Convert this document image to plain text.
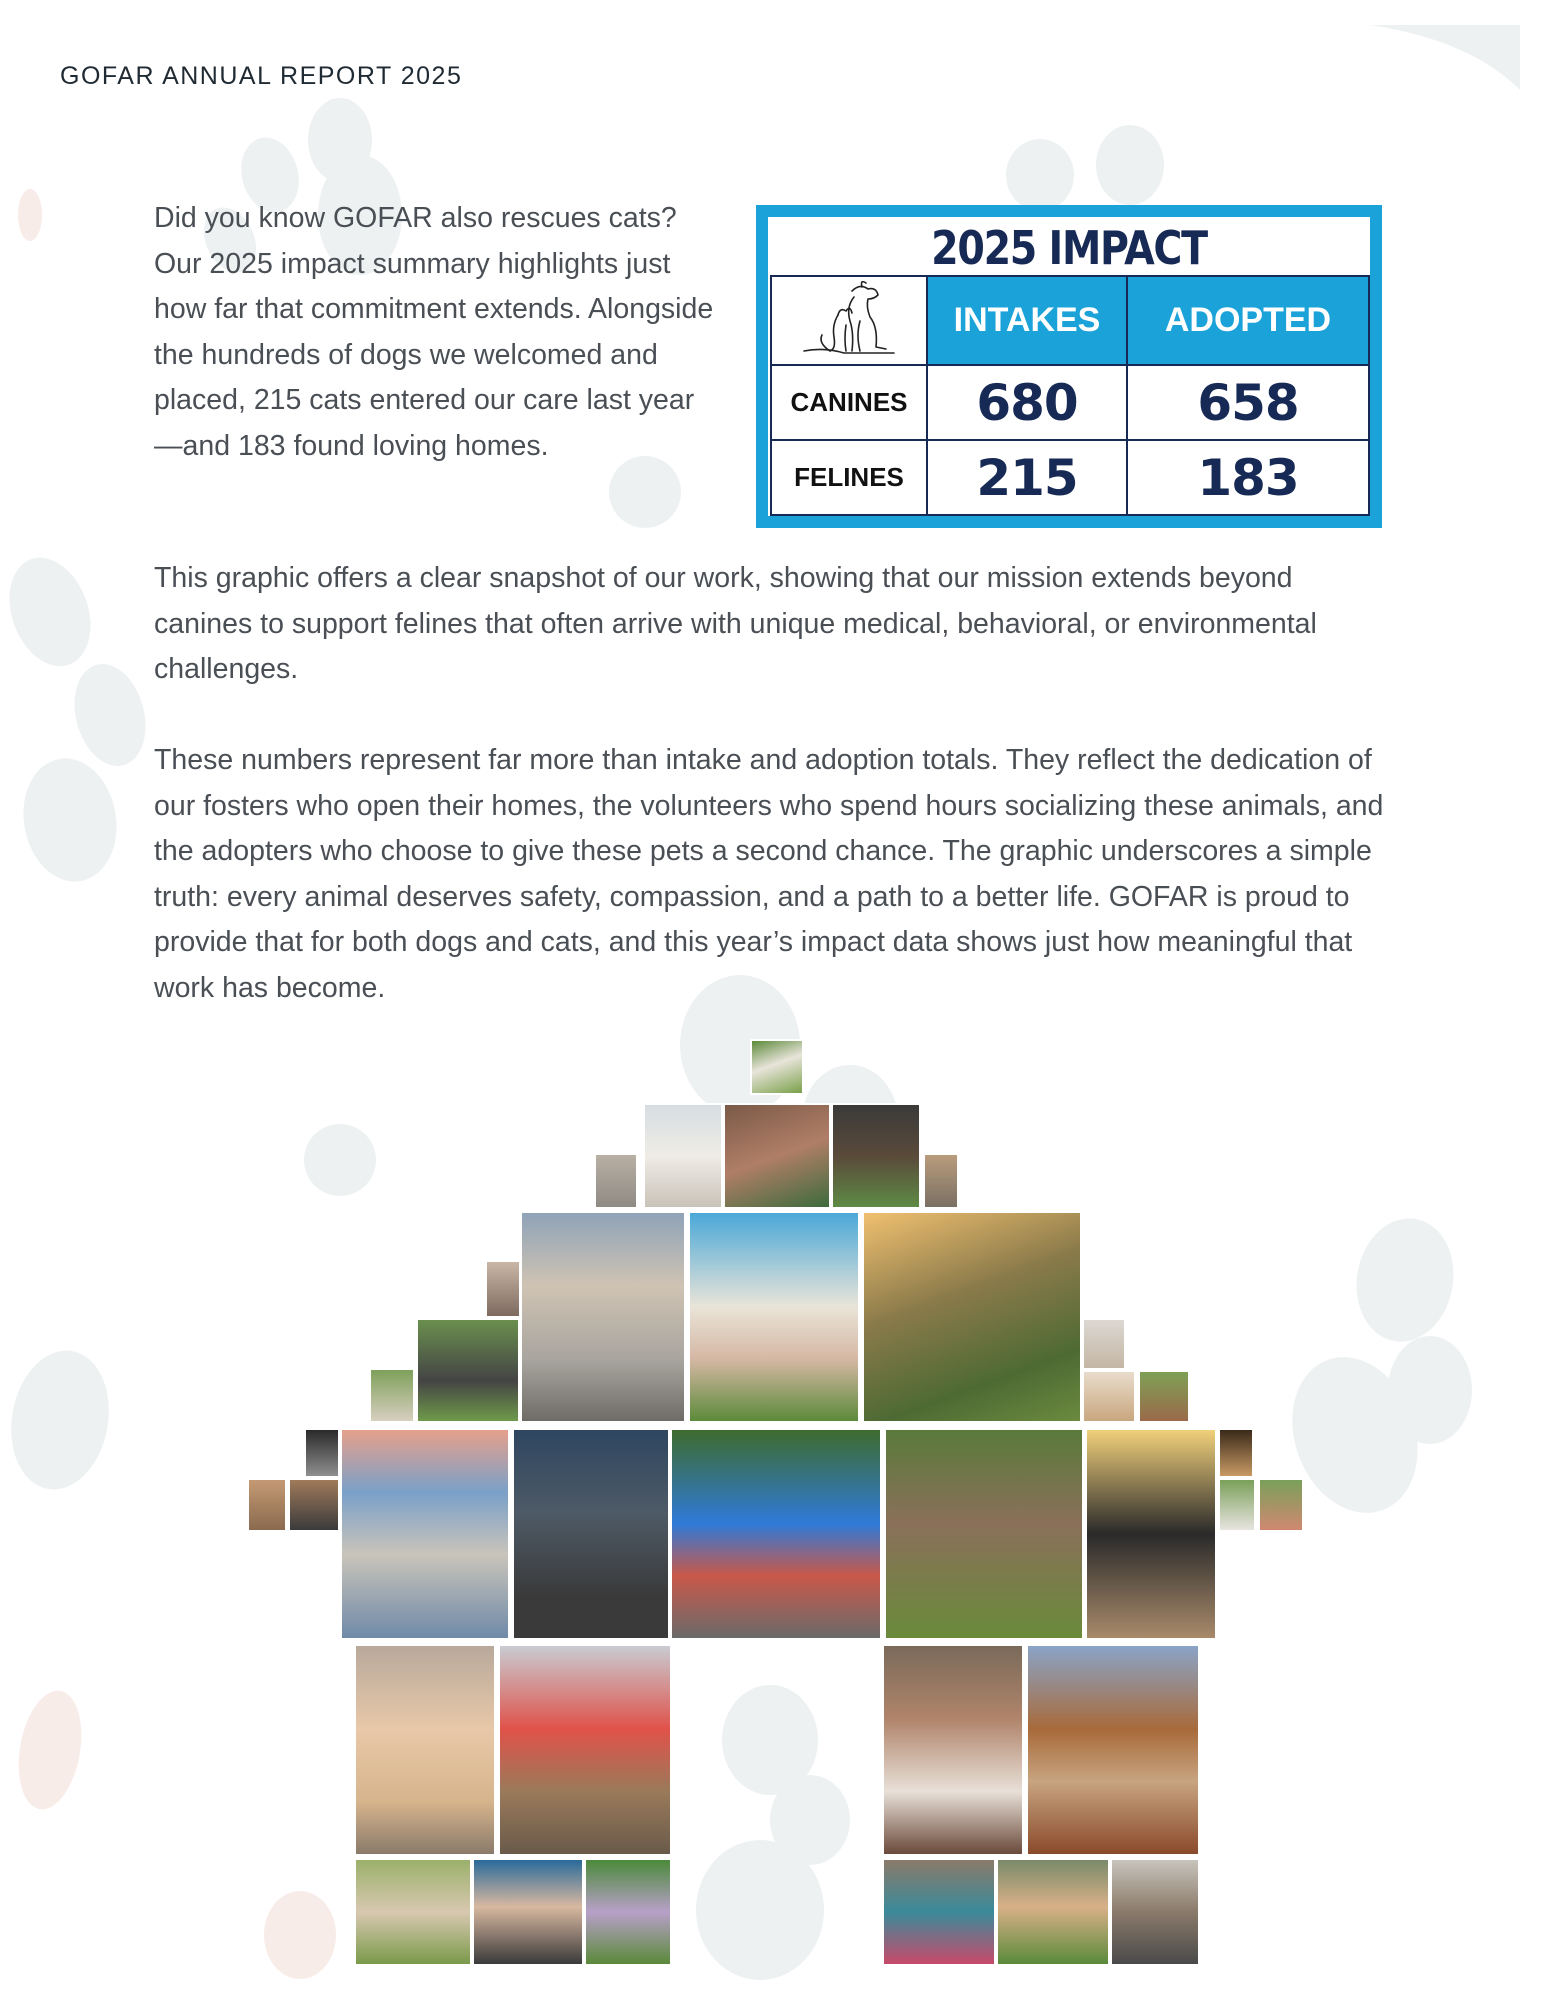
GOFAR ANNUAL REPORT 2025

Did you know GOFAR also rescues cats? Our 2025 impact summary highlights just how far that commitment extends. Alongside the hundreds of dogs we welcomed and placed, 215 cats entered our care last year—and 183 found loving homes.

2025 IMPACT
	INTAKES	ADOPTED
CANINES	680	658
FELINES	215	183

This graphic offers a clear snapshot of our work, showing that our mission extends beyond canines to support felines that often arrive with unique medical, behavioral, or environmental challenges.

These numbers represent far more than intake and adoption totals. They reflect the dedication of our fosters who open their homes, the volunteers who spend hours socializing these animals, and the adopters who choose to give these pets a second chance. The graphic underscores a simple truth: every animal deserves safety, compassion, and a path to a better life. GOFAR is proud to provide that for both dogs and cats, and this year’s impact data shows just how meaningful that work has become.
